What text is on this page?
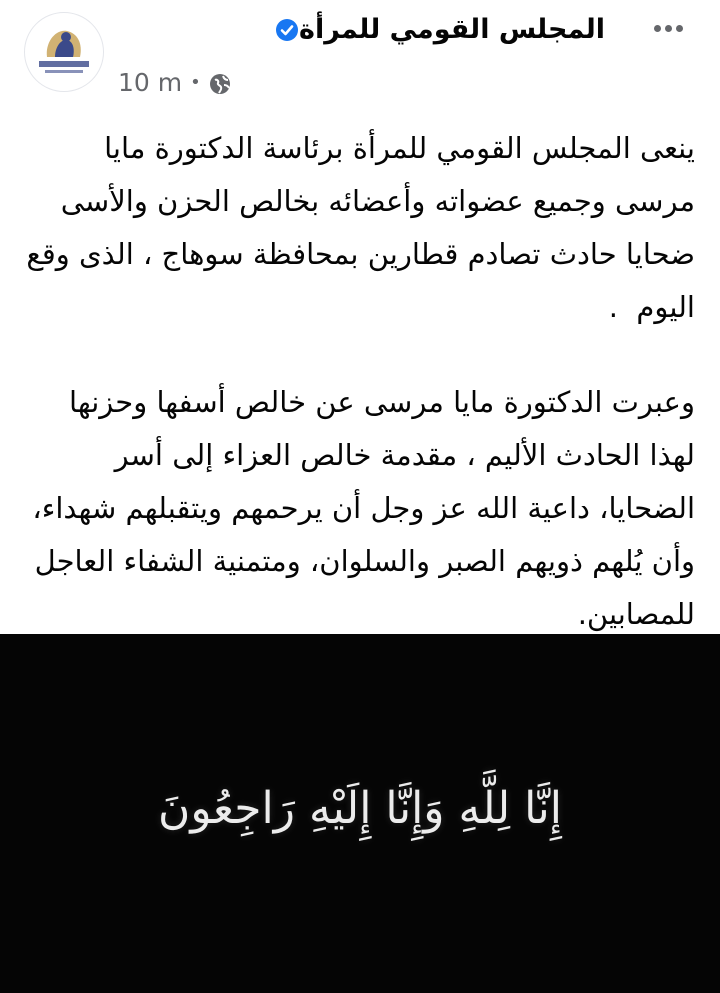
المجلس القومي للمرأة
10 m •

ينعى المجلس القومي للمرأة برئاسة الدكتورة مايا مرسى وجميع عضواته وأعضائه بخالص الحزن والأسى ضحايا حادث تصادم قطارين بمحافظة سوهاج ، الذى وقع اليوم  .

وعبرت الدكتورة مايا مرسى عن خالص أسفها وحزنها لهذا الحادث الأليم ، مقدمة خالص العزاء إلى أسر الضحايا، داعية الله عز وجل أن يرحمهم ويتقبلهم شهداء، وأن يُلهم ذويهم الصبر والسلوان، ومتمنية الشفاء العاجل للمصابين.

إِنَّا لِلَّهِ وَإِنَّا إِلَيْهِ رَاجِعُونَ
